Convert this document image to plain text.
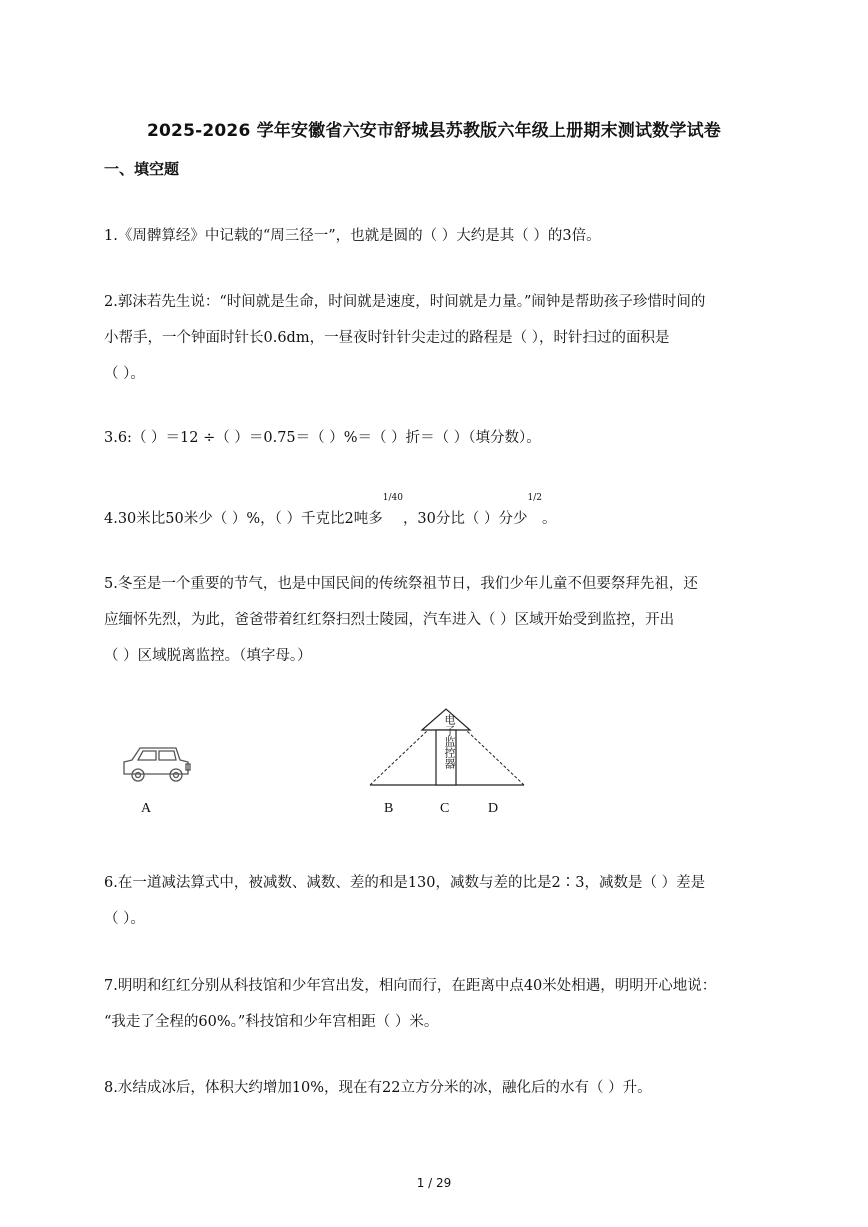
2025-2026 学年安徽省六安市舒城县苏教版六年级上册期末测试数学试卷
一、填空题
1.《周髀算经》中记载的“周三径一”，也就是圆的（ ）大约是其（ ）的3倍。
2.郭沫若先生说：“时间就是生命，时间就是速度，时间就是力量。”闹钟是帮助孩子珍惜时间的
小帮手，一个钟面时针长0.6dm，一昼夜时针针尖走过的路程是（ ），时针扫过的面积是
（ ）。
3.6:（ ）＝12 ÷（ ）＝0.75＝（ ）%＝（ ）折＝（ ）（填分数）。
4.30米比50米少（ ）%，（ ）千克比2吨多$^{1/40}$，30分比（ ）分少$^{1/2}$。
5.冬至是一个重要的节气，也是中国民间的传统祭祖节日，我们少年儿童不但要祭拜先祖，还
应缅怀先烈，为此，爸爸带着红红祭扫烈士陵园，汽车进入（ ）区域开始受到监控，开出
（ ）区域脱离监控。（填字母。）
A
电子监控器
B	C	D
6.在一道减法算式中，被减数、减数、差的和是130，减数与差的比是2∶3，减数是（ ）差是
（ ）。
7.明明和红红分别从科技馆和少年宫出发，相向而行，在距离中点40米处相遇，明明开心地说：
“我走了全程的60%。”科技馆和少年宫相距（ ）米。
8.水结成冰后，体积大约增加10%，现在有22立方分米的冰，融化后的水有（ ）升。
1 / 29
